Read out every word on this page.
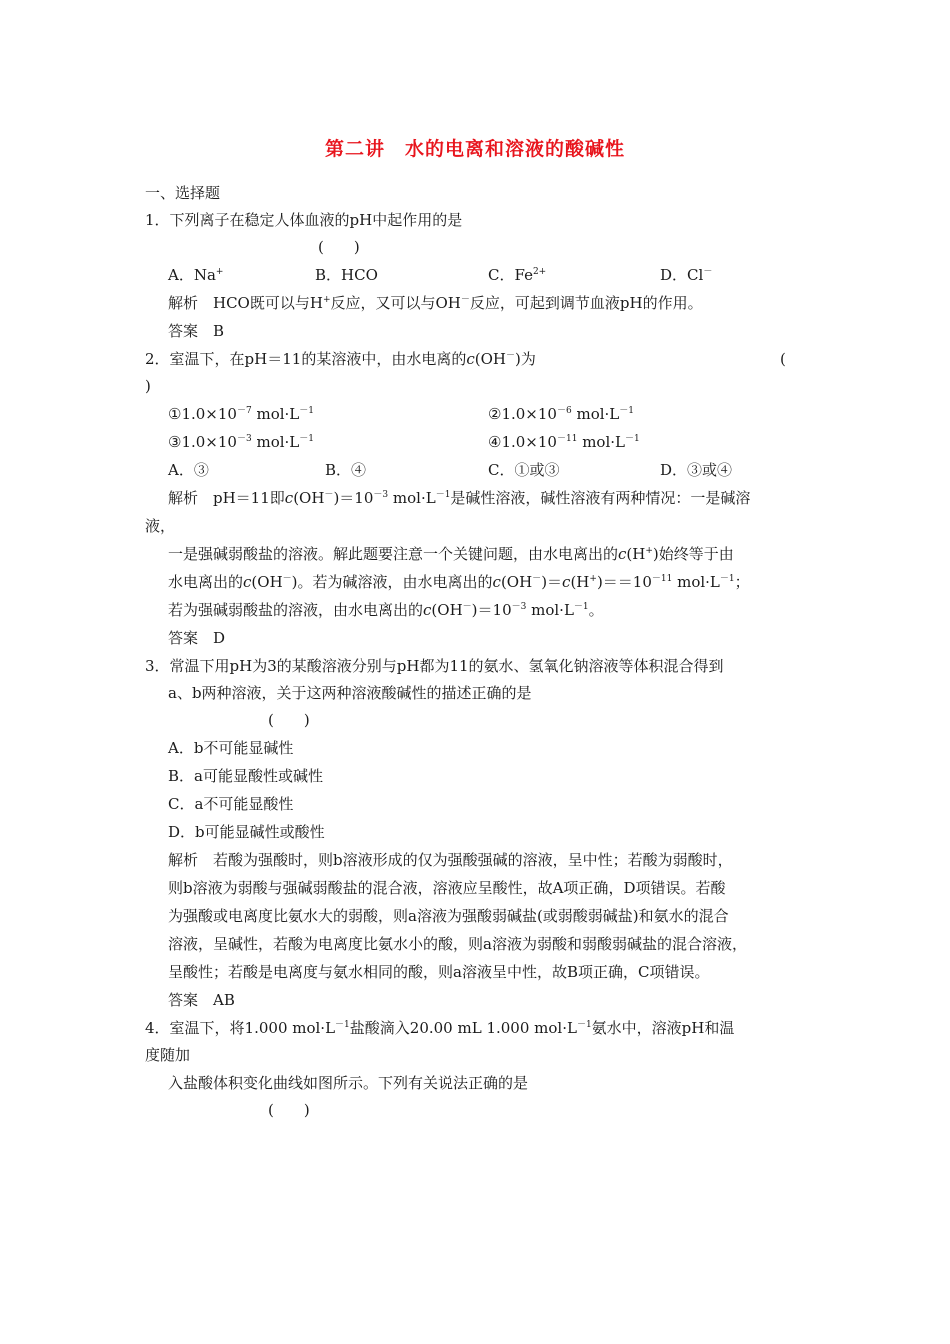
第二讲　水的电离和溶液的酸碱性
一、选择题
1．下列离子在稳定人体血液的pH中起作用的是
(　　)
A．Na+	B．HCO	C．$Fe^{2+}$	D．Cl－
解析　HCO既可以与H+反应，又可以与OH－反应，可起到调节血液pH的作用。
答案　B
2．室温下，在pH＝11的某溶液中，由水电离的c(OH－)为	(
)
$①1.0\times 10^{-7}$ $mol\cdot L^{-1}$	$②1.0\times 10^{-6}$ $mol\cdot L^{-1}$
$③1.0\times 10^{-3}$ $mol\cdot L^{-1}$	$④1.0\times 10^{-11}$ $mol\cdot L^{-1}$
A．③	B．④	C．①或③	D．③或④
解析　pH＝11即$c(OH^-)=10^{-3}$ $mol\cdot L^{-1}$是碱性溶液，碱性溶液有两种情况：一是碱溶
液，
一是强碱弱酸盐的溶液。解此题要注意一个关键问题，由水电离出的c(H+)始终等于由
水电离出的c(OH－)。若为碱溶液，由水电离出的$c(OH^-)=c(H^+)==10^{-11}$ $mol\cdot L^{-1}$；
若为强碱弱酸盐的溶液，由水电离出的$c(OH^-)=10^{-3}$ $mol\cdot L^{-1}$。
答案　D
3．常温下用pH为3的某酸溶液分别与pH都为11的氨水、氢氧化钠溶液等体积混合得到
a、b两种溶液，关于这两种溶液酸碱性的描述正确的是
(　　)
A．b不可能显碱性
B．a可能显酸性或碱性
C．a不可能显酸性
D．b可能显碱性或酸性
解析　若酸为强酸时，则b溶液形成的仅为强酸强碱的溶液，呈中性；若酸为弱酸时，
则b溶液为弱酸与强碱弱酸盐的混合液，溶液应呈酸性，故A项正确，D项错误。若酸
为强酸或电离度比氨水大的弱酸，则a溶液为强酸弱碱盐(或弱酸弱碱盐)和氨水的混合
溶液，呈碱性，若酸为电离度比氨水小的酸，则a溶液为弱酸和弱酸弱碱盐的混合溶液，
呈酸性；若酸是电离度与氨水相同的酸，则a溶液呈中性，故B项正确，C项错误。
答案　AB
4．室温下，将1.000 $mol\cdot L^{-1}$盐酸滴入20.00 mL 1.000 $mol\cdot L^{-1}$氨水中，溶液pH和温
度随加
入盐酸体积变化曲线如图所示。下列有关说法正确的是
(　　)
